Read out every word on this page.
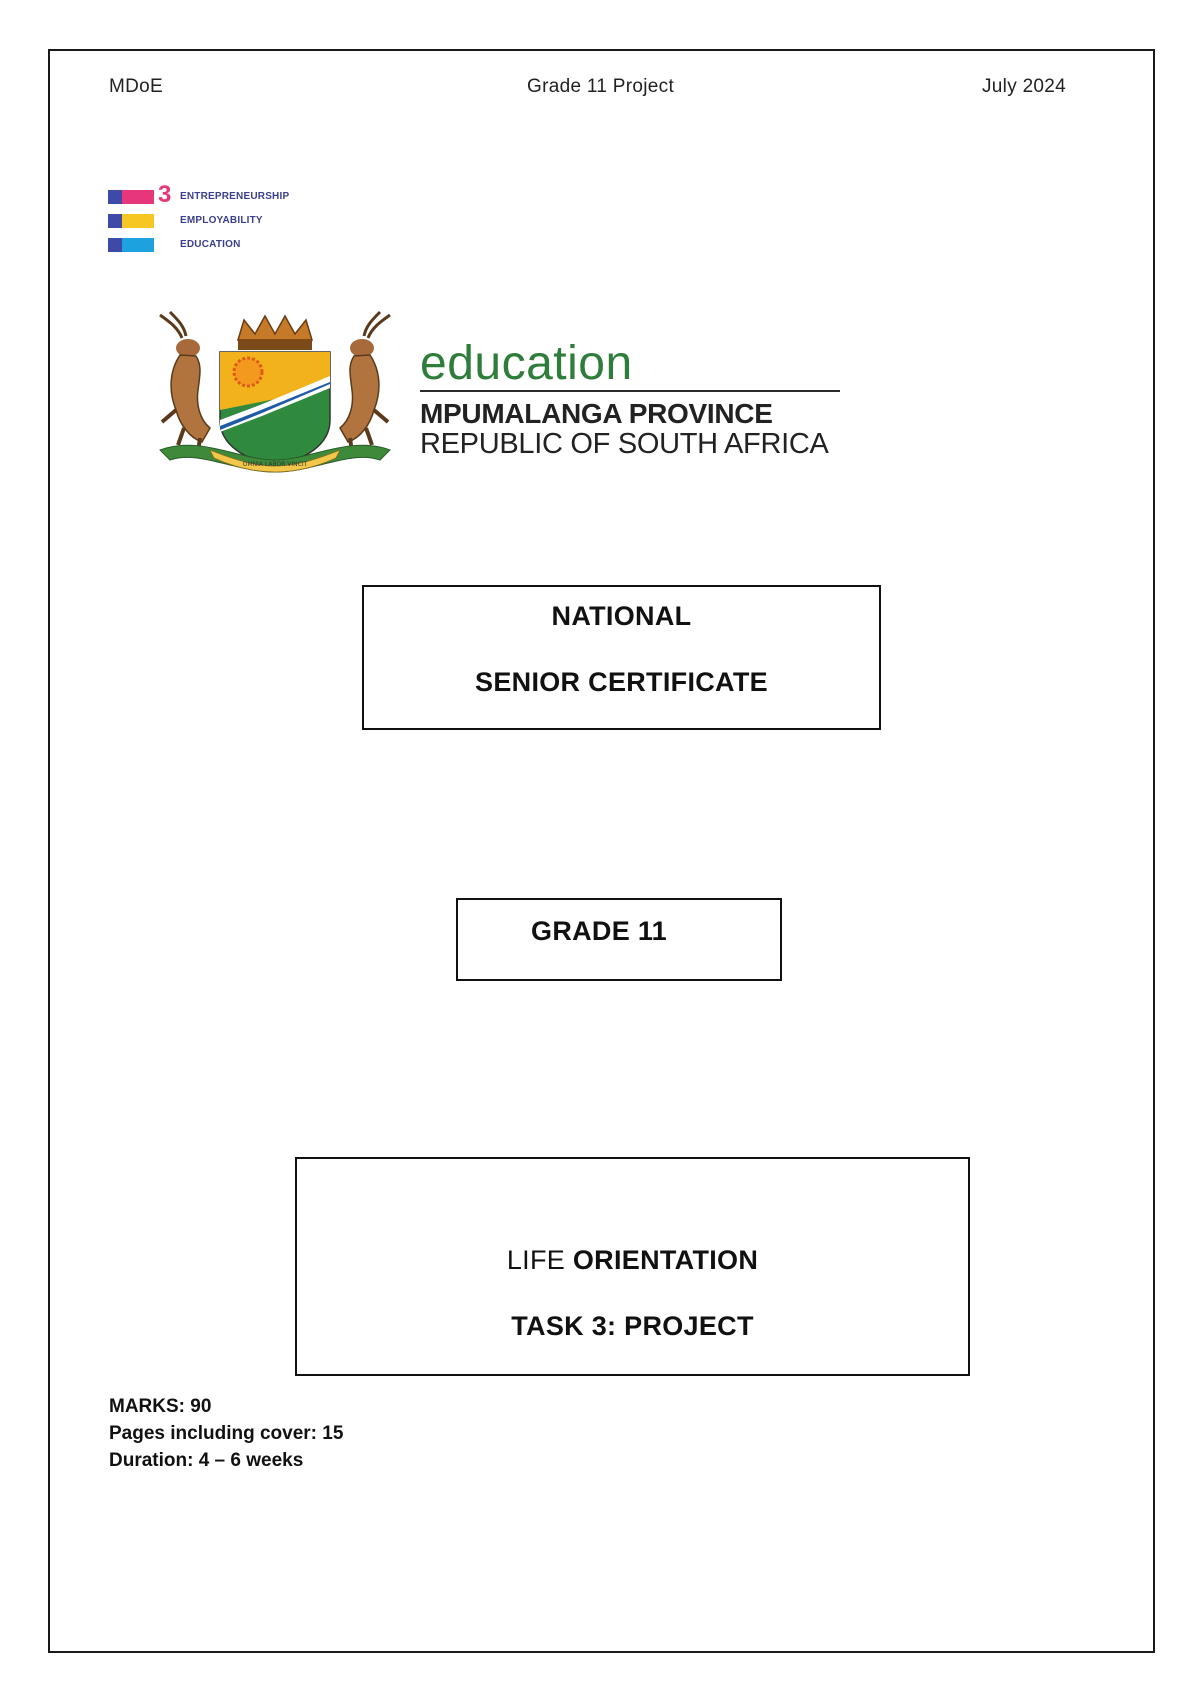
MDoE	Grade 11 Project	July 2024
3 ENTREPRENEURSHIP
EMPLOYABILITY
EDUCATION
OMNIA LABOR VINCIT
education
MPUMALANGA PROVINCE
REPUBLIC OF SOUTH AFRICA
NATIONAL
SENIOR CERTIFICATE
GRADE 11
LIFE ORIENTATION
TASK 3: PROJECT
MARKS: 90
Pages including cover: 15
Duration: 4 – 6 weeks
